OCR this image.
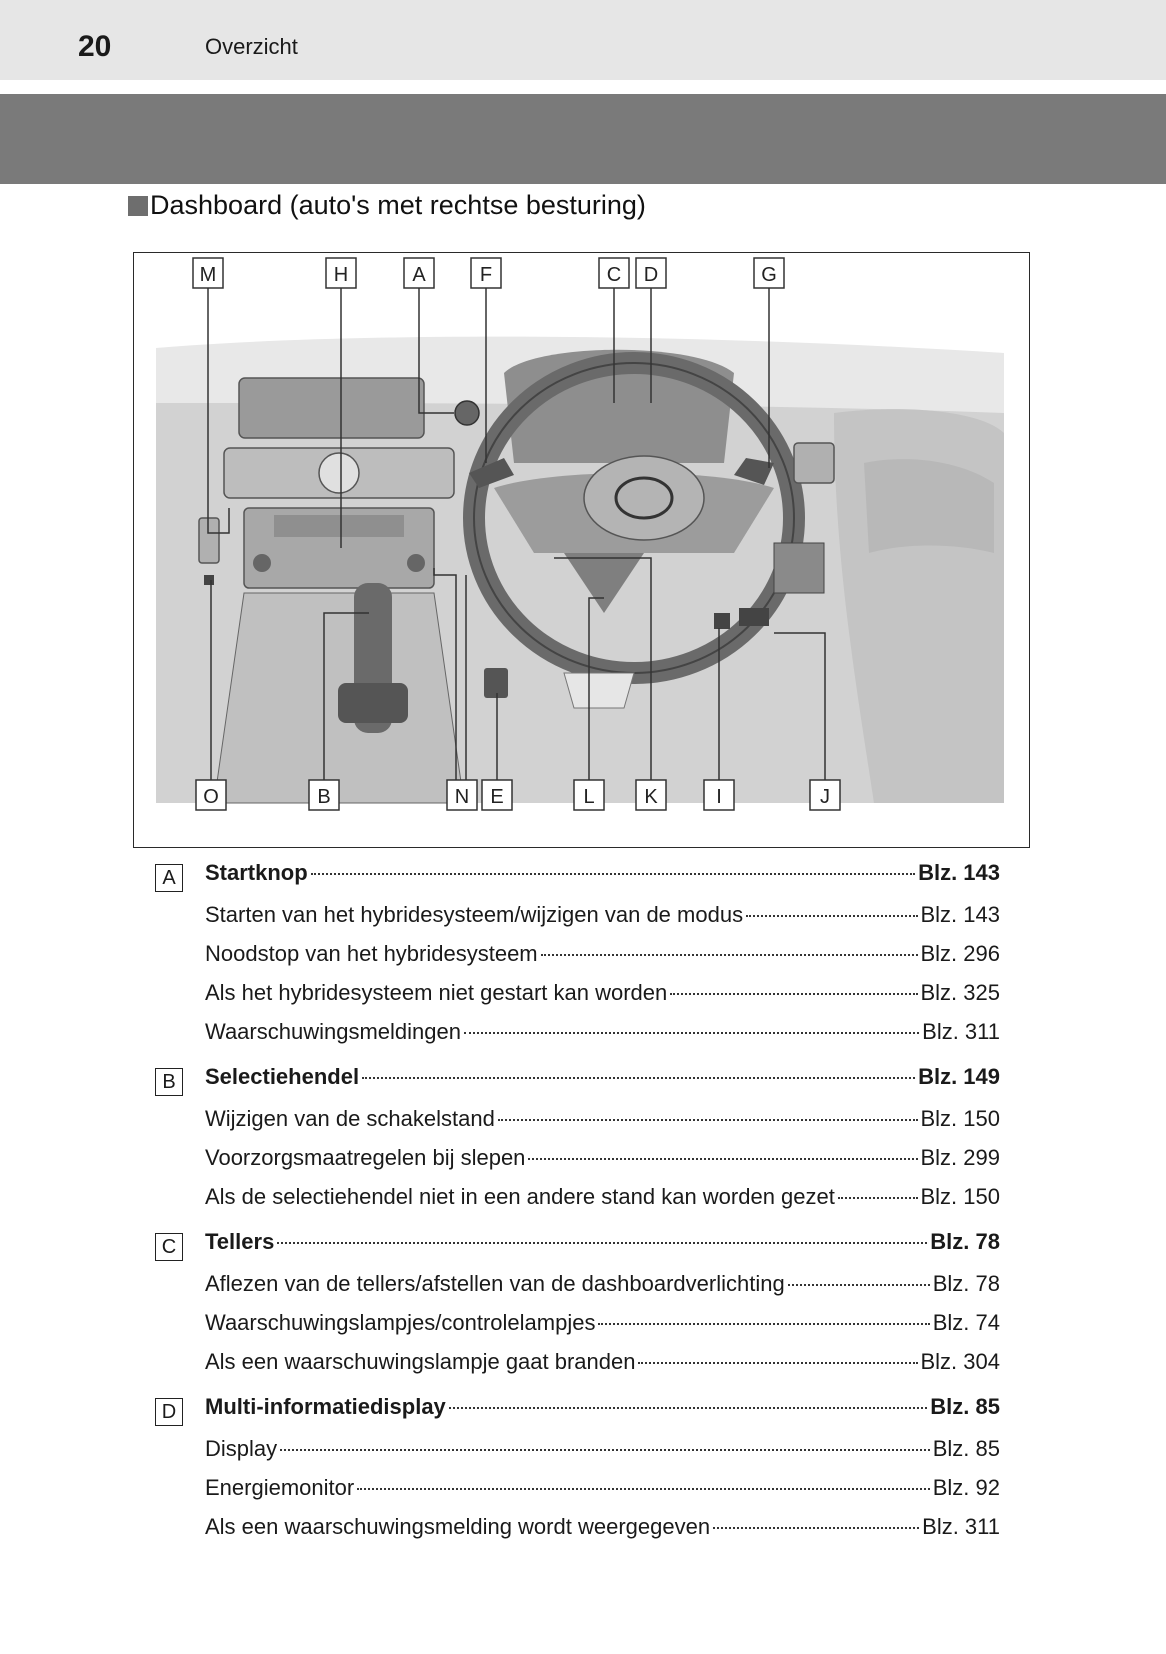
20	Overzicht
Dashboard (auto's met rechtse besturing)
M	H	A	F	C D	G
O	B	N E	L K	I	J
A	Startknop	Blz. 143
Starten van het hybridesysteem/wijzigen van de modus	Blz. 143
Noodstop van het hybridesysteem	Blz. 296
Als het hybridesysteem niet gestart kan worden	Blz. 325
Waarschuwingsmeldingen	Blz. 311
B	Selectiehendel	Blz. 149
Wijzigen van de schakelstand	Blz. 150
Voorzorgsmaatregelen bij slepen	Blz. 299
Als de selectiehendel niet in een andere stand kan worden gezet	Blz. 150
C	Tellers	Blz. 78
Aflezen van de tellers/afstellen van de dashboardverlichting	Blz. 78
Waarschuwingslampjes/controlelampjes	Blz. 74
Als een waarschuwingslampje gaat branden	Blz. 304
D	Multi-informatiedisplay	Blz. 85
Display	Blz. 85
Energiemonitor	Blz. 92
Als een waarschuwingsmelding wordt weergegeven	Blz. 311
